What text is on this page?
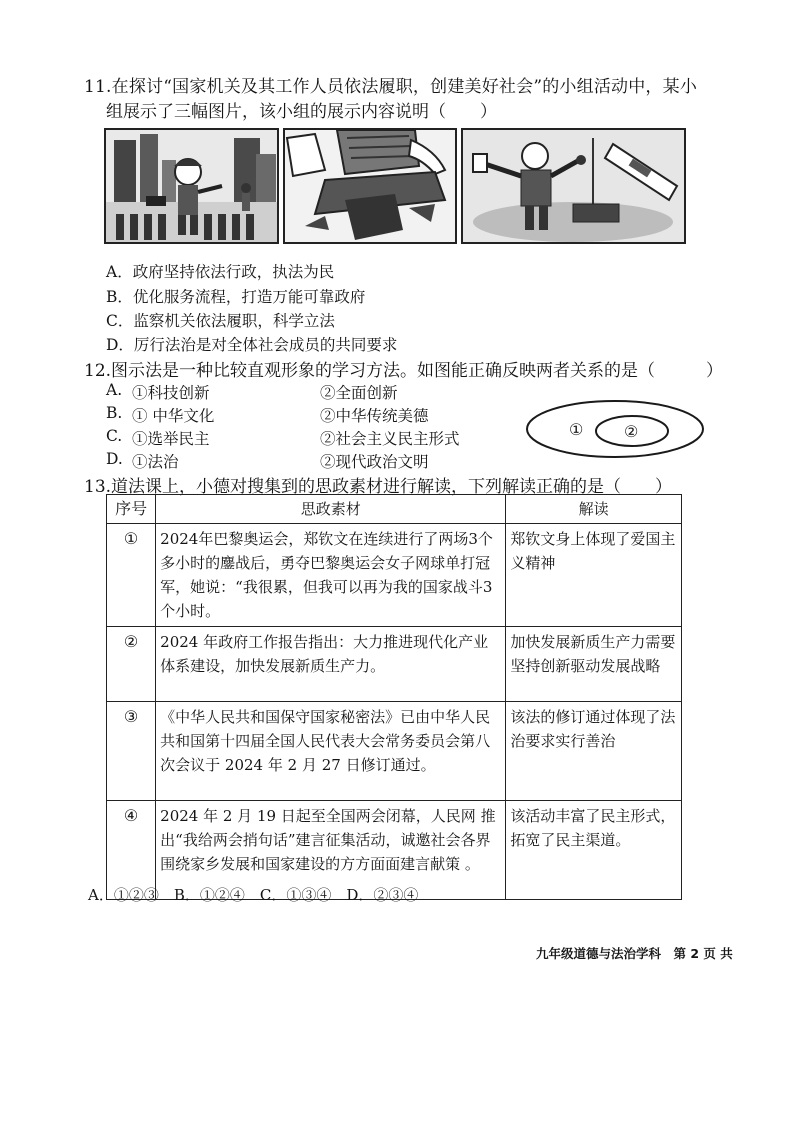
11.在探讨“国家机关及其工作人员依法履职，创建美好社会”的小组活动中，某小
组展示了三幅图片，该小组的展示内容说明（　　）
A．政府坚持依法行政，执法为民
B．优化服务流程，打造万能可靠政府
C．监察机关依法履职，科学立法
D．厉行法治是对全体社会成员的共同要求
12.图示法是一种比较直观形象的学习方法。如图能正确反映两者关系的是（　　　）
A. ①科技创新	②全面创新
B. ① 中华文化	②中华传统美德
C. ①选举民主	②社会主义民主形式
D. ①法治	②现代政治文明
①	②
13.道法课上，小德对搜集到的思政素材进行解读，下列解读正确的是（　　）
序号	思政素材	解读
①	2024年巴黎奥运会，郑钦文在连续进行了两场3个多小时的鏖战后，勇夺巴黎奥运会女子网球单打冠军，她说：“我很累，但我可以再为我的国家战斗3个小时。	郑钦文身上体现了爱国主义精神
②	2024 年政府工作报告指出：大力推进现代化产业体系建设，加快发展新质生产力。	加快发展新质生产力需要坚持创新驱动发展战略
③	《中华人民共和国保守国家秘密法》已由中华人民共和国第十四届全国人民代表大会常务委员会第八 次会议于 2024 年 2 月 27 日修订通过。	该法的修订通过体现了法治要求实行善治
④	2024 年 2 月 19 日起至全国两会闭幕，人民网 推出“我给两会捎句话”建言征集活动，诚邀社会各界围绕家乡发展和国家建设的方方面面建言献策 。	该活动丰富了民主形式，拓宽了民主渠道。
A．①②③　B．①②④　C．①③④　D．②③④
九年级道德与法治学科　第 2 页 共
